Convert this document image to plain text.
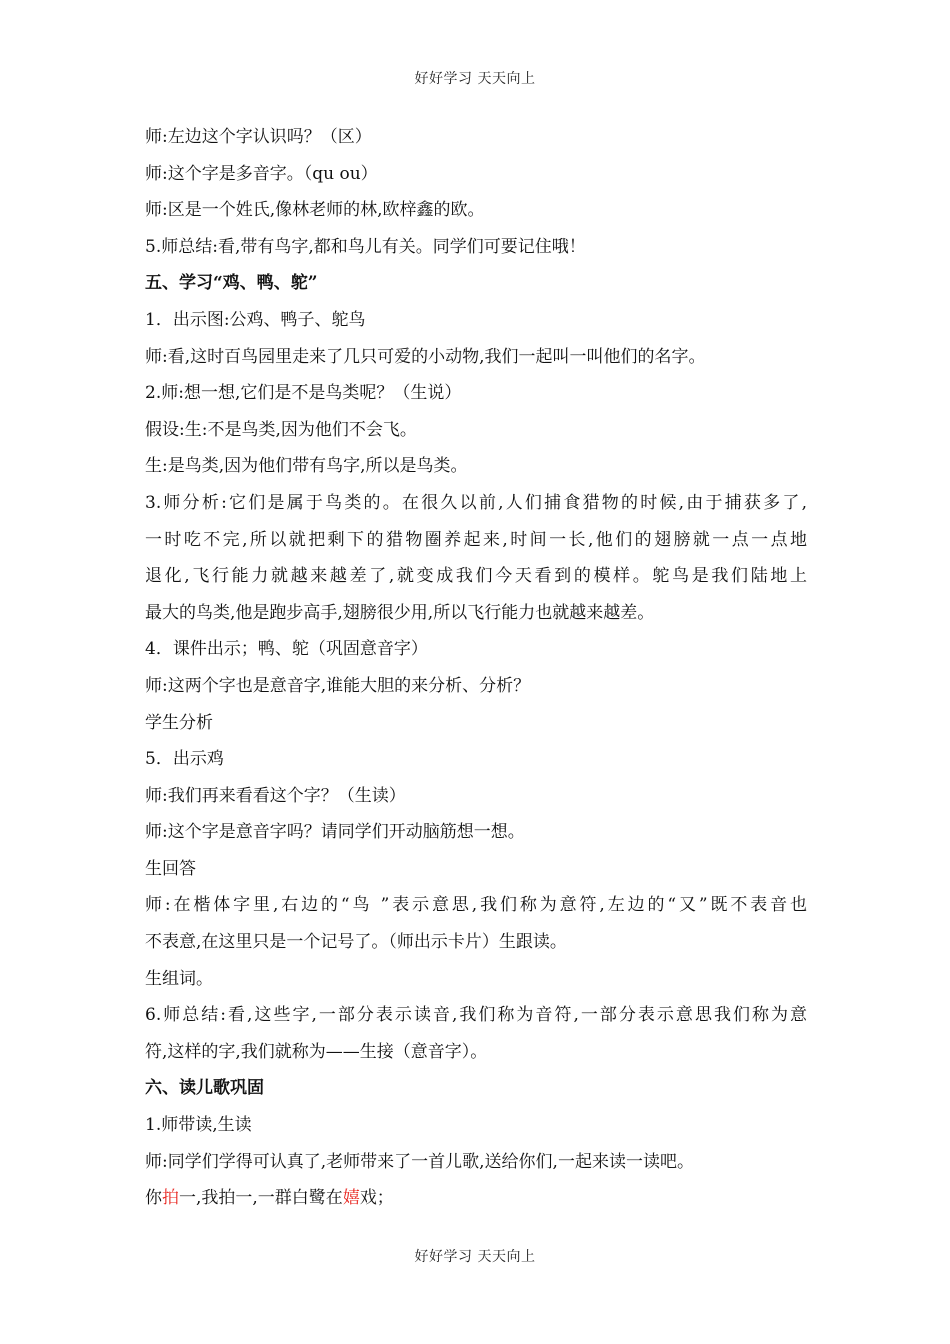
好好学习 天天向上
师:左边这个字认识吗？（区）
师:这个字是多音字。（qu ou）
师:区是一个姓氏,像林老师的林,欧梓鑫的欧。
5.师总结:看,带有鸟字,都和鸟儿有关。同学们可要记住哦！
五、学习“鸡、鸭、鸵”
1．出示图:公鸡、鸭子、鸵鸟
师:看,这时百鸟园里走来了几只可爱的小动物,我们一起叫一叫他们的名字。
2.师:想一想,它们是不是鸟类呢？（生说）
假设:生:不是鸟类,因为他们不会飞。
生:是鸟类,因为他们带有鸟字,所以是鸟类。
3.师分析:它们是属于鸟类的。在很久以前,人们捕食猎物的时候,由于捕获多了,
一时吃不完,所以就把剩下的猎物圈养起来,时间一长,他们的翅膀就一点一点地
退化,飞行能力就越来越差了,就变成我们今天看到的模样。鸵鸟是我们陆地上
最大的鸟类,他是跑步高手,翅膀很少用,所以飞行能力也就越来越差。
4．课件出示；鸭、鸵（巩固意音字）
师:这两个字也是意音字,谁能大胆的来分析、分析？
学生分析
5．出示鸡
师:我们再来看看这个字？（生读）
师:这个字是意音字吗？请同学们开动脑筋想一想。
生回答
师:在楷体字里,右边的“鸟 ”表示意思,我们称为意符,左边的“又”既不表音也
不表意,在这里只是一个记号了。（师出示卡片）生跟读。
生组词。
6.师总结:看,这些字,一部分表示读音,我们称为音符,一部分表示意思我们称为意
符,这样的字,我们就称为——生接（意音字）。
六、读儿歌巩固
1.师带读,生读
师:同学们学得可认真了,老师带来了一首儿歌,送给你们,一起来读一读吧。
你拍一,我拍一,一群白鹭在嬉戏；
好好学习 天天向上
